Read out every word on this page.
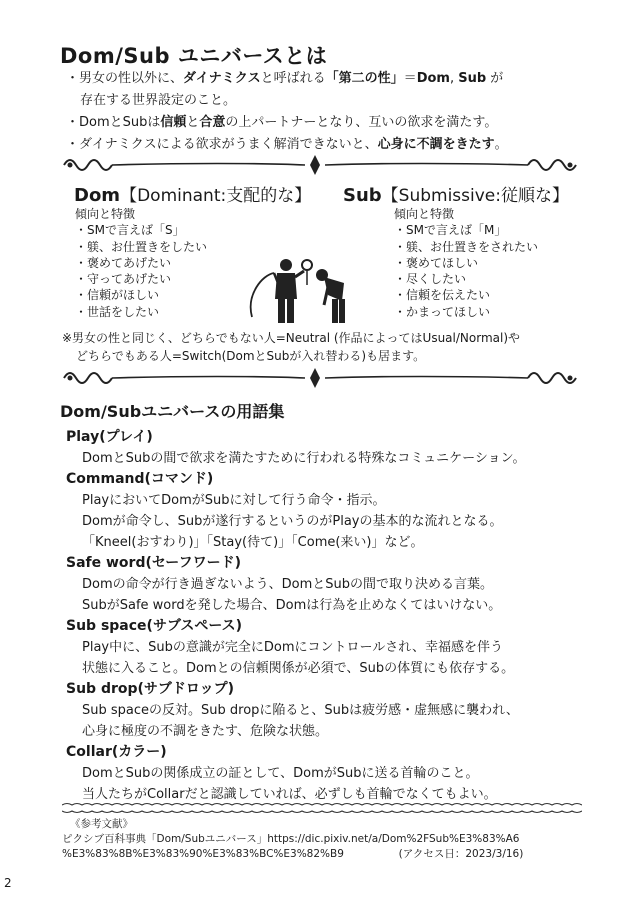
Dom/Sub ユニバースとは
・男女の性以外に、ダイナミクスと呼ばれる「第二の性」＝Dom, Sub が
存在する世界設定のこと。
・DomとSubは信頼と合意の上パートナーとなり、互いの欲求を満たす。
・ダイナミクスによる欲求がうまく解消できないと、心身に不調をきたす。
Dom【Dominant:支配的な】
傾向と特徴
・SMで言えば「S」
・躾、お仕置きをしたい
・褒めてあげたい
・守ってあげたい
・信頼がほしい
・世話をしたい
Sub【Submissive:従順な】
傾向と特徴
・SMで言えば「M」
・躾、お仕置きをされたい
・褒めてほしい
・尽くしたい
・信頼を伝えたい
・かまってほしい
※男女の性と同じく、どちらでもない人=Neutral (作品によってはUsual/Normal)や
どちらでもある人=Switch(DomとSubが入れ替わる)も居ます。
Dom/Subユニバースの用語集
Play(プレイ)
DomとSubの間で欲求を満たすために行われる特殊なコミュニケーション。
Command(コマンド)
PlayにおいてDomがSubに対して行う命令・指示。
Domが命令し、Subが遂行するというのがPlayの基本的な流れとなる。
「Kneel(おすわり)」「Stay(待て)」「Come(来い)」など。
Safe word(セーフワード)
Domの命令が行き過ぎないよう、DomとSubの間で取り決める言葉。
SubがSafe wordを発した場合、Domは行為を止めなくてはいけない。
Sub space(サブスペース)
Play中に、Subの意識が完全にDomにコントロールされ、幸福感を伴う
状態に入ること。Domとの信頼関係が必須で、Subの体質にも依存する。
Sub drop(サブドロップ)
Sub spaceの反対。Sub dropに陥ると、Subは疲労感・虚無感に襲われ、
心身に極度の不調をきたす、危険な状態。
Collar(カラー)
DomとSubの関係成立の証として、DomがSubに送る首輪のこと。
当人たちがCollarだと認識していれば、必ずしも首輪でなくてもよい。
《参考文献》
ピクシブ百科事典「Dom/Subユニバース」https://dic.pixiv.net/a/Dom%2FSub%E3%83%A6
%E3%83%8B%E3%83%90%E3%83%BC%E3%82%B9	(アクセス日：2023/3/16)
2
